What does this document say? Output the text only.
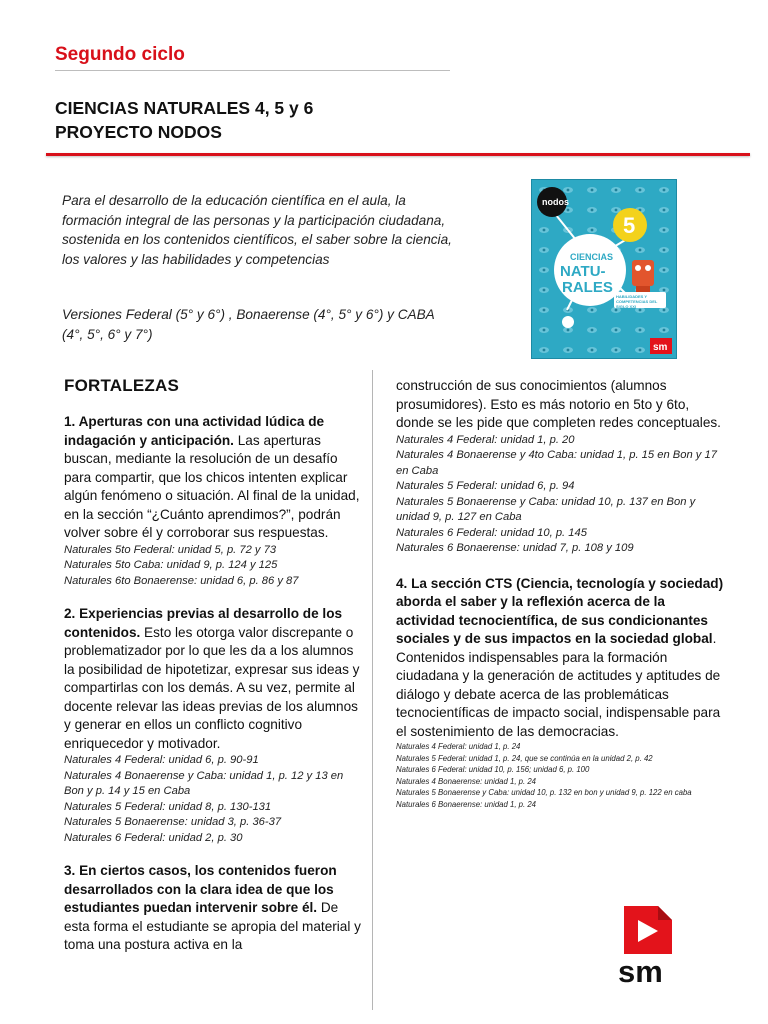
Segundo ciclo
CIENCIAS NATURALES 4, 5 y 6
PROYECTO NODOS

Para el desarrollo de la educación científica en el aula, la formación integral de las personas y la participación ciudadana, sostenida en los contenidos científicos, el saber sobre la ciencia, los valores y las habilidades y competencias

Versiones Federal (5° y 6°) , Bonaerense (4°, 5° y 6°) y CABA (4°, 5°, 6° y 7°)

nodos
5
CIENCIAS
NATU-
RALES
HABILIDADES Y COMPETENCIAS DEL SIGLO XXI
sm
FORTALEZAS

1. Aperturas con una actividad lúdica de indagación y anticipación. Las aperturas buscan, mediante la resolución de un desafío para compartir, que los chicos intenten explicar algún fenómeno o situación. Al final de la unidad, en la sección “¿Cuánto aprendimos?”, podrán volver sobre él y corroborar sus respuestas.

Naturales 5to Federal: unidad 5, p. 72 y 73
Naturales 5to Caba: unidad 9, p. 124 y 125
Naturales 6to Bonaerense: unidad 6, p. 86 y 87

2. Experiencias previas al desarrollo de los contenidos. Esto les otorga valor discrepante o problematizador por lo que les da a los alumnos la posibilidad de hipotetizar, expresar sus ideas y compartirlas con los demás. A su vez, permite al docente relevar las ideas previas de los alumnos y generar en ellos un conflicto cognitivo enriquecedor y motivador.

Naturales 4 Federal: unidad 6, p. 90-91
Naturales 4 Bonaerense y Caba: unidad 1, p. 12 y 13 en Bon y p. 14 y 15 en Caba
Naturales 5 Federal: unidad 8, p. 130-131
Naturales 5 Bonaerense: unidad 3, p. 36-37
Naturales 6 Federal: unidad 2, p. 30

3. En ciertos casos, los contenidos fueron desarrollados con la clara idea de que los estudiantes puedan intervenir sobre él. De esta forma el estudiante se apropia del material y toma una postura activa en la

construcción de sus conocimientos (alumnos prosumidores). Esto es más notorio en 5to y 6to, donde se les pide que completen redes conceptuales.

Naturales 4 Federal: unidad 1, p. 20
Naturales 4 Bonaerense y 4to Caba: unidad 1, p. 15 en Bon y 17 en Caba
Naturales 5 Federal: unidad 6, p. 94
Naturales 5 Bonaerense y Caba: unidad 10, p. 137 en Bon y unidad 9, p. 127 en Caba
Naturales 6 Federal: unidad 10, p. 145
Naturales 6 Bonaerense: unidad 7, p. 108 y 109

4. La sección CTS (Ciencia, tecnología y sociedad) aborda el saber y la reflexión acerca de la actividad tecnocientífica, de sus condicionantes sociales y de sus impactos en la sociedad global. Contenidos indispensables para la formación ciudadana y la generación de actitudes y aptitudes de diálogo y debate acerca de las problemáticas tecnocientíficas de impacto social, indispensable para el sostenimiento de las democracias.

Naturales 4 Federal: unidad 1, p. 24
Naturales 5 Federal: unidad 1, p. 24, que se continúa en la unidad 2, p. 42
Naturales 6 Federal: unidad 10, p. 156; unidad 6, p. 100
Naturales 4 Bonaerense: unidad 1, p. 24
Naturales 5 Bonaerense y Caba: unidad 10, p. 132 en bon y unidad 9, p. 122 en caba
Naturales 6 Bonaerense: unidad 1, p. 24
sm
